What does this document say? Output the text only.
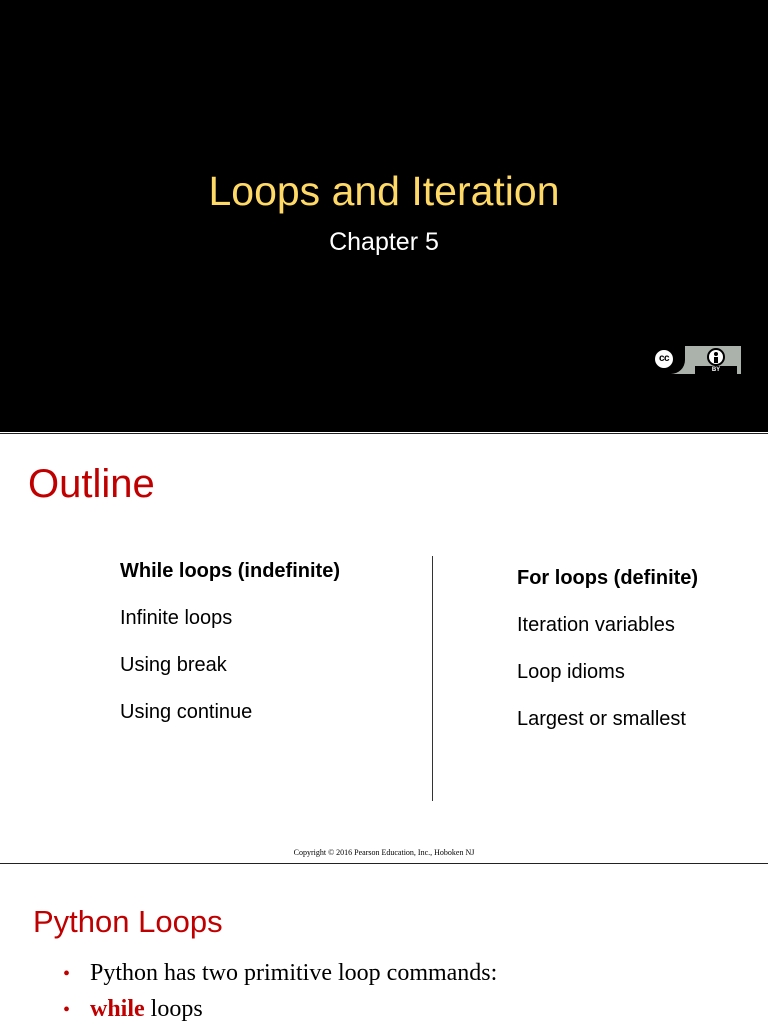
Loops and Iteration
Chapter 5
cc
BY
Outline
While loops (indefinite)
Infinite loops
Using break
Using continue
For loops (definite)
Iteration variables
Loop idioms
Largest or smallest
Copyright © 2016 Pearson Education, Inc., Hoboken NJ
Python Loops
• Python has two primitive loop commands:
• while loops
